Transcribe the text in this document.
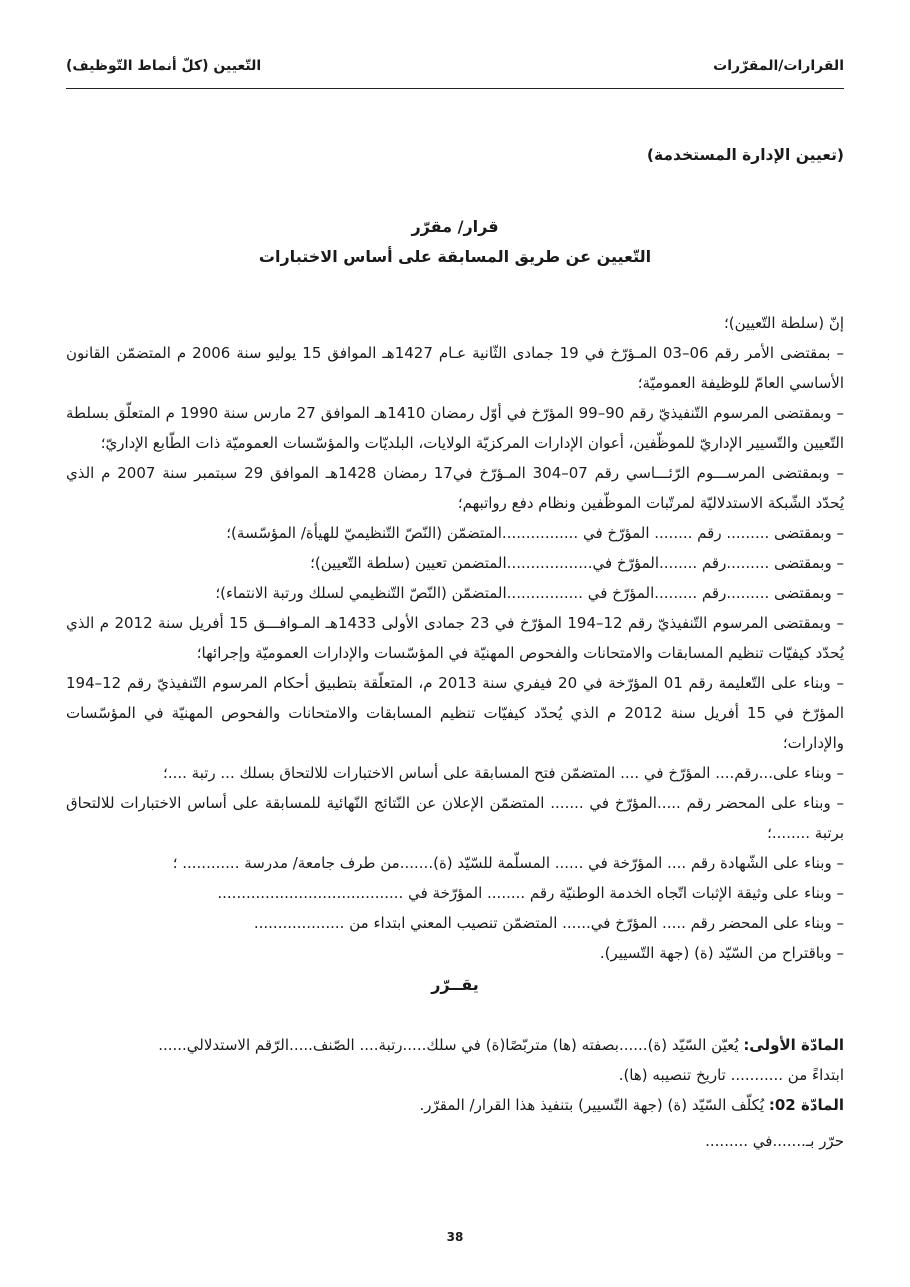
القرارات/المقرّرات
التّعيين (كلّ أنماط التّوظيف)
(تعيين الإدارة المستخدمة)
قرار/ مقرّر
التّعيين عن طريق المسابقة على أساس الاختبارات

إنّ (سلطة التّعيين)؛

– بمقتضى الأمر رقم 06–03 المـؤرّخ في 19 جمادى الثّانية عـام 1427هـ الموافق 15 يوليو سنة 2006 م المتضمّن القانون الأساسي العامّ للوظيفة العموميّة؛

– وبمقتضى المرسوم التّنفيذيّ رقم 90–99 المؤرّخ في أوّل رمضان 1410هـ الموافق 27 مارس سنة 1990 م المتعلّق بسلطة التّعيين والتّسيير الإداريّ للموظّفين، أعوان الإدارات المركزيّة الولايات، البلديّات والمؤسّسات العموميّة ذات الطّابع الإداريّ؛

– وبمقتضى المرســـوم الرّئـــاسي رقم 07–304 المـؤرّخ في17 رمضان 1428هـ الموافق 29 سبتمبر سنة 2007 م الذي يُحدّد الشّبكة الاستدلاليّة لمرتّبات الموظّفين ونظام دفع رواتبهم؛

– وبمقتضى ......... رقم ........ المؤرّخ في ................المتضمّن (النّصّ التّنظيميّ للهيأة/ المؤسّسة)؛

– وبمقتضى .........رقم ........المؤرّخ في..................المتضمن تعيين (سلطة التّعيين)؛

– وبمقتضى .........رقم .........المؤرّخ في ................المتضمّن (النّصّ التّنظيمي لسلك ورتبة الانتماء)؛

– وبمقتضى المرسوم التّنفيذيّ رقم 12–194 المؤرّخ في 23 جمادى الأولى 1433هـ المـوافـــق 15 أفريل سنة 2012 م الذي يُحدّد كيفيّات تنظيم المسابقات والامتحانات والفحوص المهنيّة في المؤسّسات والإدارات العموميّة وإجرائها؛

– وبناء على التّعليمة رقم 01 المؤرّخة في 20 فيفري سنة 2013 م، المتعلّقة بتطبيق أحكام المرسوم التّنفيذيّ رقم 12–194 المؤرّخ في 15 أفريل سنة 2012 م الذي يُحدّد كيفيّات تنظيم المسابقات والامتحانات والفحوص المهنيّة في المؤسّسات والإدارات؛

– وبناء على...رقم.... المؤرّخ في .... المتضمّن فتح المسابقة على أساس الاختبارات للالتحاق بسلك ... رتبة ....؛

– وبناء على المحضر رقم .....المؤرّخ في ....... المتضمّن الإعلان عن النّتائج النّهائية للمسابقة على أساس الاختبارات للالتحاق برتبة ........؛

– وبناء على الشّهادة رقم .... المؤرّخة في ...... المسلّمة للسّيّد (ة).......من طرف جامعة/ مدرسة ............ ؛

– وبناء على وثيقة الإثبات اتّجاه الخدمة الوطنيّة رقم ........ المؤرّخة في .......................................

– وبناء على المحضر رقم ..... المؤرّخ في...... المتضمّن تنصيب المعني ابتداء من ...................

– وباقتراح من السّيّد (ة) (جهة التّسيير).

يقــرّر

المادّة الأولى: يُعيّن السّيّد (ة)......بصفته (ها) متربّصًا(ة) في سلك.....رتبة.... الصّنف.....الرّقم الاستدلالي......

ابتداءً من ........... تاريخ تنصيبه (ها).

المادّة 02: يُكلّف السّيّد (ة) (جهة التّسيير) بتنفيذ هذا القرار/ المقرّر.

حرّر بـ.......في .........

38
